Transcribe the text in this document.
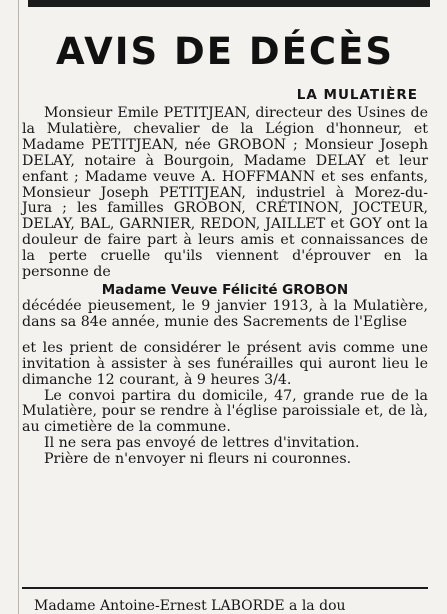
AVIS DE DÉCÈS
LA MULATIÈRE

Monsieur Emile PETITJEAN, directeur des Usines de la Mulatière, chevalier de la Légion d'honneur, et Madame PETITJEAN, née GROBON ; Monsieur Joseph DELAY, notaire à Bourgoin, Madame DELAY et leur enfant ; Madame veuve A. HOFFMANN et ses enfants, Monsieur Joseph PETITJEAN, industriel à Morez-du-Jura ; les familles GROBON, CRÉTINON, JOCTEUR, DELAY, BAL, GARNIER, REDON, JAILLET et GOY ont la douleur de faire part à leurs amis et connaissances de la perte cruelle qu'ils viennent d'éprouver en la personne de

Madame Veuve Félicité GROBON

décédée pieusement, le 9 janvier 1913, à la Mulatière, dans sa 84e année, munie des Sacrements de l'Eglise

et les prient de considérer le présent avis comme une invitation à assister à ses funérailles qui auront lieu le dimanche 12 courant, à 9 heures 3/4.

Le convoi partira du domicile, 47, grande rue de la Mulatière, pour se rendre à l'église paroissiale et, de là, au cimetière de la commune.

Il ne sera pas envoyé de lettres d'invitation.

Prière de n'envoyer ni fleurs ni couronnes.

Madame Antoine-Ernest LABORDE a la dou
